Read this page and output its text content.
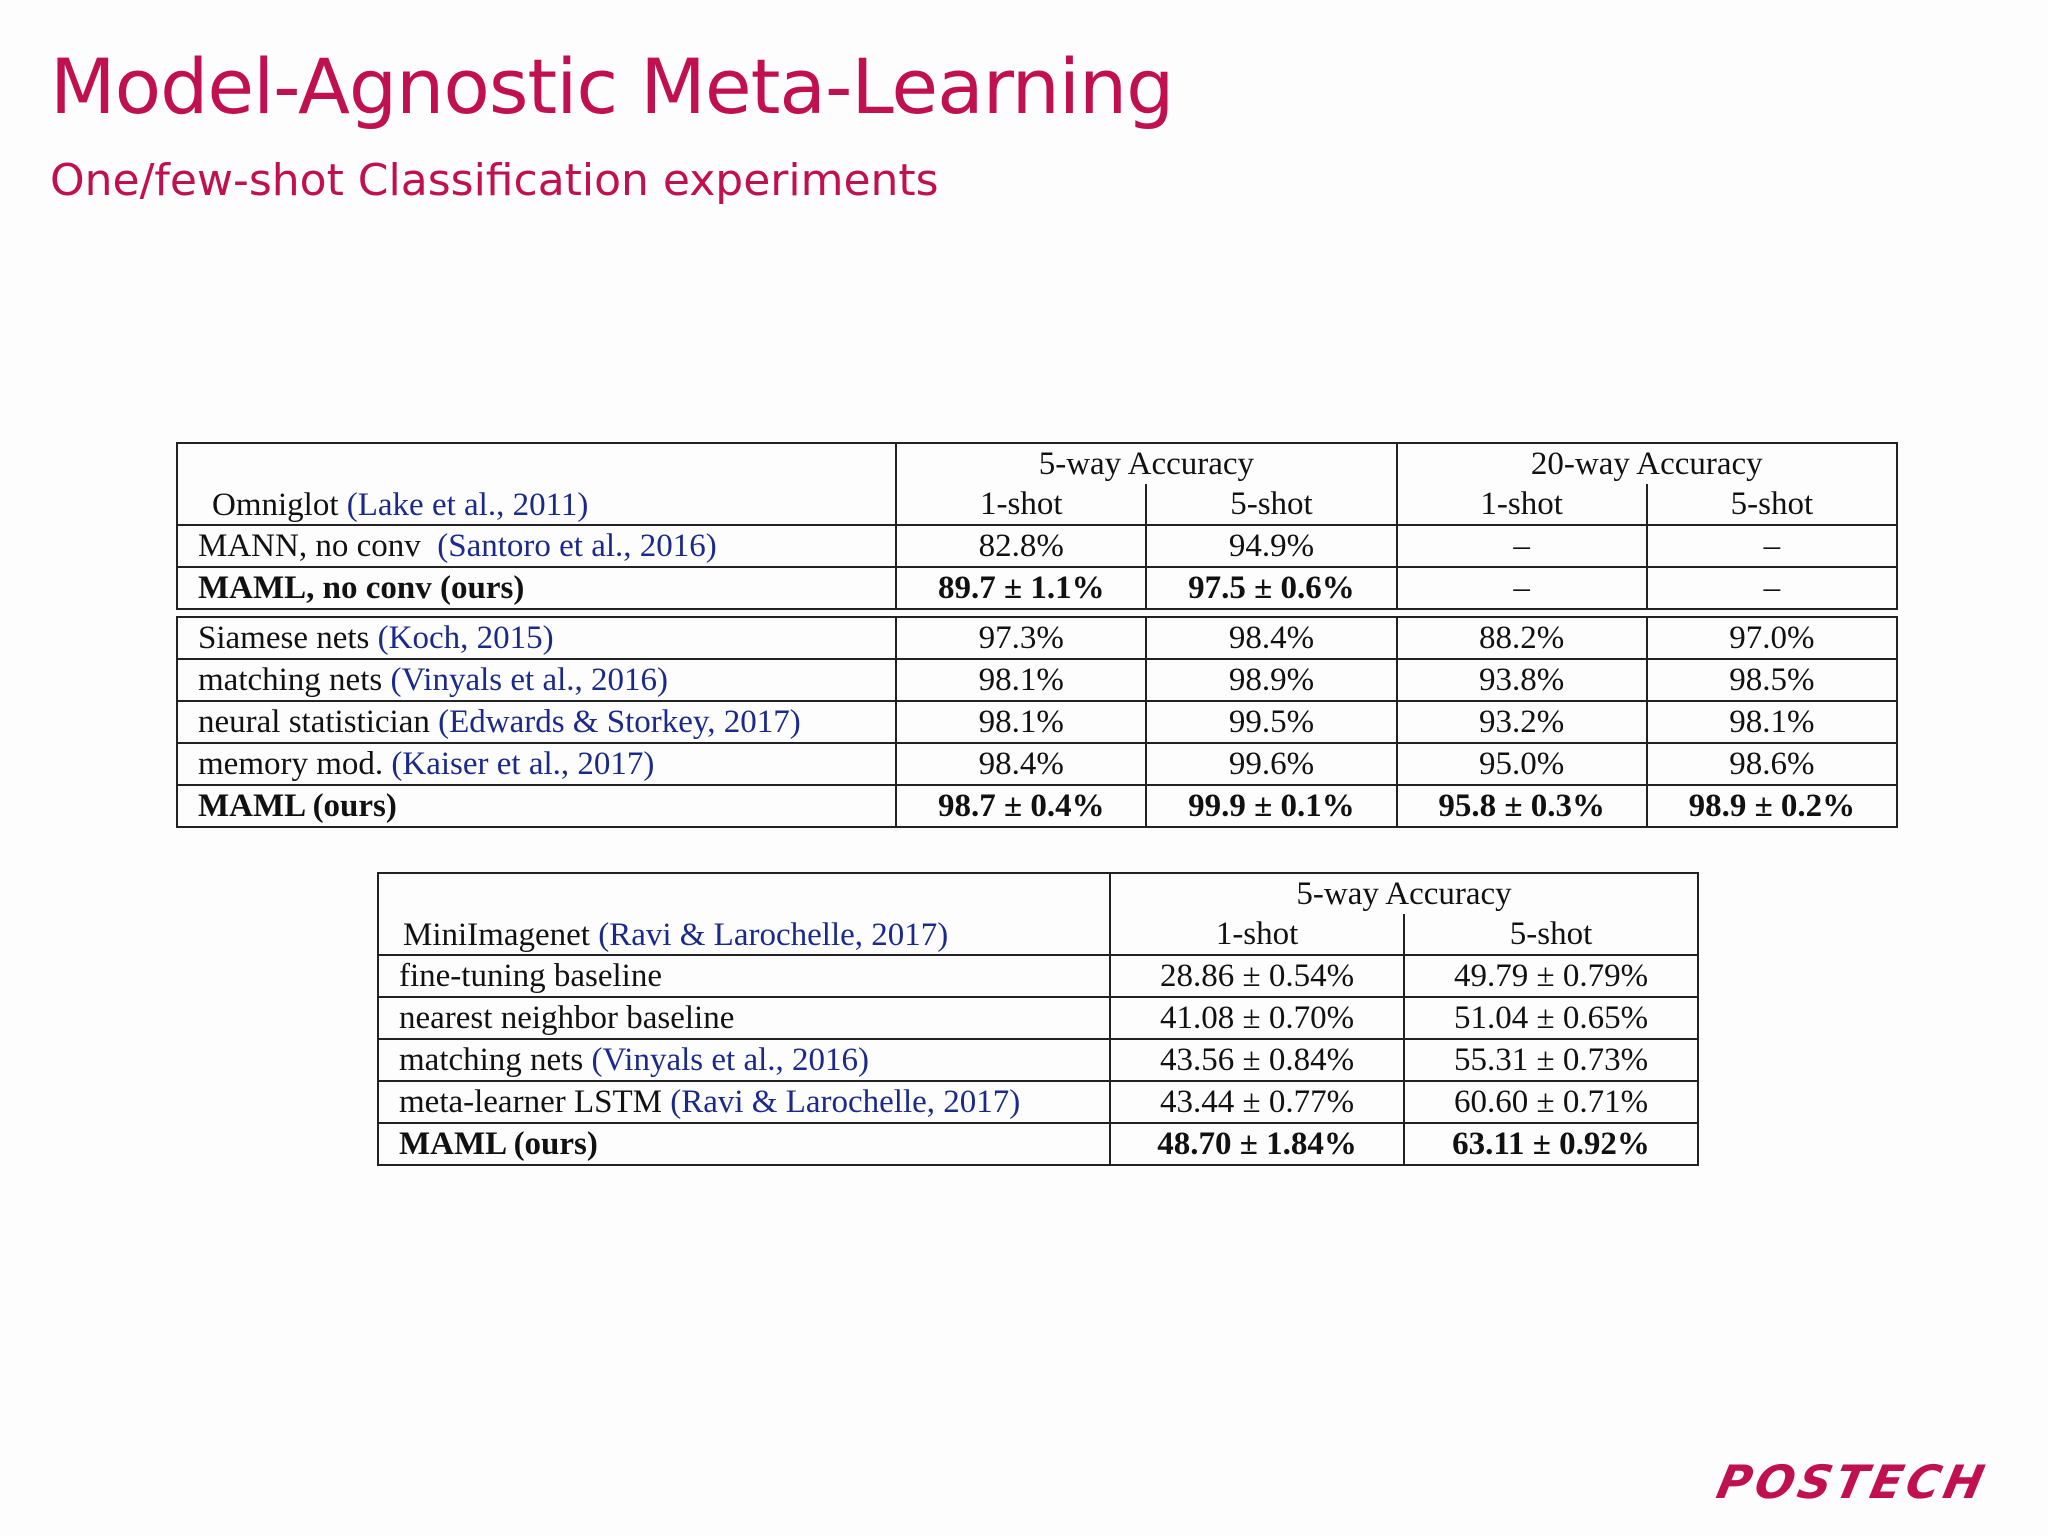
Model-Agnostic Meta-Learning
One/few-shot Classification experiments
Omniglot (Lake et al., 2011)	5-way Accuracy		20-way Accuracy	
	1-shot	5-shot	1-shot	5-shot
MANN, no conv (Santoro et al., 2016)	82.8%	94.9%	–	–
MAML, no conv (ours)	89.7 ± 1.1%	97.5 ± 0.6%	–	–

Siamese nets (Koch, 2015)	97.3%	98.4%	88.2%	97.0%
matching nets (Vinyals et al., 2016)	98.1%	98.9%	93.8%	98.5%
neural statistician (Edwards & Storkey, 2017)	98.1%	99.5%	93.2%	98.1%
memory mod. (Kaiser et al., 2017)	98.4%	99.6%	95.0%	98.6%
MAML (ours)	98.7 ± 0.4%	99.9 ± 0.1%	95.8 ± 0.3%	98.9 ± 0.2%
MiniImagenet (Ravi & Larochelle, 2017)	5-way Accuracy	
	1-shot	5-shot
fine-tuning baseline	28.86 ± 0.54%	49.79 ± 0.79%
nearest neighbor baseline	41.08 ± 0.70%	51.04 ± 0.65%
matching nets (Vinyals et al., 2016)	43.56 ± 0.84%	55.31 ± 0.73%
meta-learner LSTM (Ravi & Larochelle, 2017)	43.44 ± 0.77%	60.60 ± 0.71%
MAML (ours)	48.70 ± 1.84%	63.11 ± 0.92%
POSTECH
